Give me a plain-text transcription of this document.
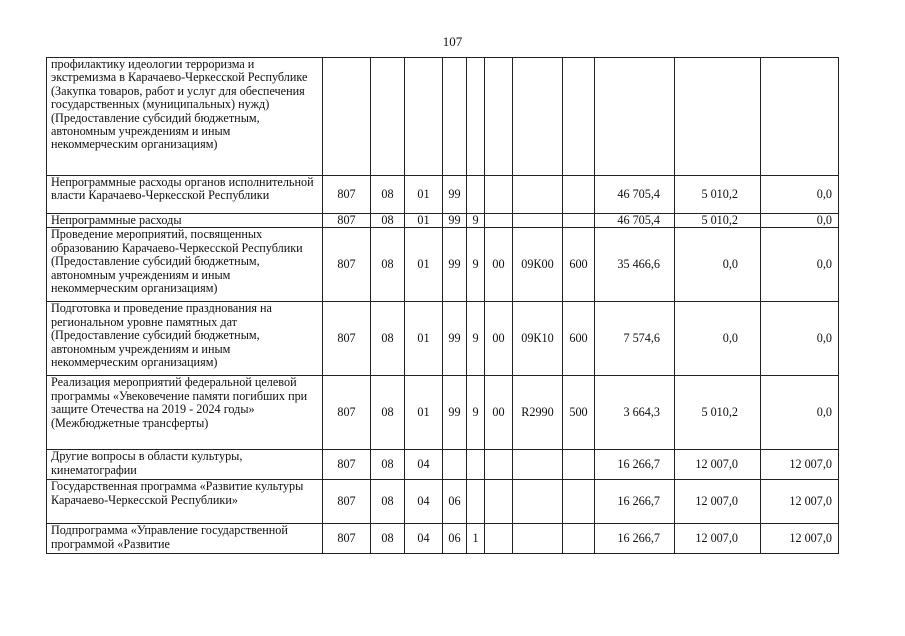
107
профилактику идеологии терроризма и экстремизма в Карачаево-Черкесской Республике (Закупка товаров, работ и услуг для обеспечения государственных (муниципальных) нужд) (Предоставление субсидий бюджетным, автономным учреждениям и иным некоммерческим организациям)											
Непрограммные расходы органов исполнительной власти Карачаево-Черкесской Республики	807	08	01	99					46 705,4	5 010,2	0,0
Непрограммные расходы	807	08	01	99	9				46 705,4	5 010,2	0,0
Проведение мероприятий, посвященных образованию Карачаево-Черкесской Республики (Предоставление субсидий бюджетным, автономным учреждениям и иным некоммерческим организациям)	807	08	01	99	9	00	09К00	600	35 466,6	0,0	0,0
Подготовка и проведение празднования на региональном уровне памятных дат (Предоставление субсидий бюджетным, автономным учреждениям и иным некоммерческим организациям)	807	08	01	99	9	00	09К10	600	7 574,6	0,0	0,0
Реализация мероприятий федеральной целевой программы «Увековечение памяти погибших при защите Отечества на 2019 - 2024 годы» (Межбюджетные трансферты)	807	08	01	99	9	00	R2990	500	3 664,3	5 010,2	0,0
Другие вопросы в области культуры, кинематографии	807	08	04						16 266,7	12 007,0	12 007,0
Государственная программа «Развитие культуры Карачаево-Черкесской Республики»	807	08	04	06					16 266,7	12 007,0	12 007,0
Подпрограмма «Управление государственной программой «Развитие	807	08	04	06	1				16 266,7	12 007,0	12 007,0
